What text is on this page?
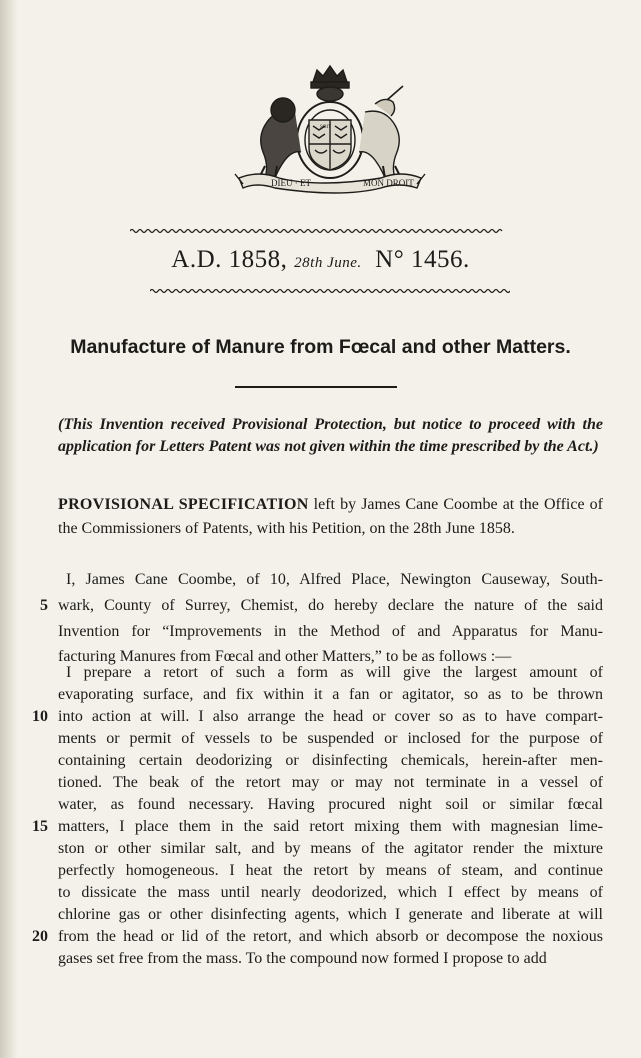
DIEU · ET	MON DROIT
SOIT
A.D. 1858, 28th June. N° 1456.
Manufacture of Manure from Fœcal and other Matters.
(This Invention received Provisional Protection, but notice to proceed with the application for Letters Patent was not given within the time prescribed by the Act.)
PROVISIONAL SPECIFICATION left by James Cane Coombe at the Office of the Commissioners of Patents, with his Petition, on the 28th June 1858.
I, James Cane Coombe, of 10, Alfred Place, Newington Causeway, South-
wark, County of Surrey, Chemist, do hereby declare the nature of the said
Invention for “Improvements in the Method of and Apparatus for Manu-
facturing Manures from Fœcal and other Matters,” to be as follows :—
I prepare a retort of such a form as will give the largest amount of
evaporating surface, and fix within it a fan or agitator, so as to be thrown
into action at will. I also arrange the head or cover so as to have compart-
ments or permit of vessels to be suspended or inclosed for the purpose of
containing certain deodorizing or disinfecting chemicals, herein-after men-
tioned. The beak of the retort may or may not terminate in a vessel of
water, as found necessary. Having procured night soil or similar fœcal
matters, I place them in the said retort mixing them with magnesian lime-
ston or other similar salt, and by means of the agitator render the mixture
perfectly homogeneous. I heat the retort by means of steam, and continue
to dissicate the mass until nearly deodorized, which I effect by means of
chlorine gas or other disinfecting agents, which I generate and liberate at will
from the head or lid of the retort, and which absorb or decompose the noxious
gases set free from the mass. To the compound now formed I propose to add
5
10
15
20
